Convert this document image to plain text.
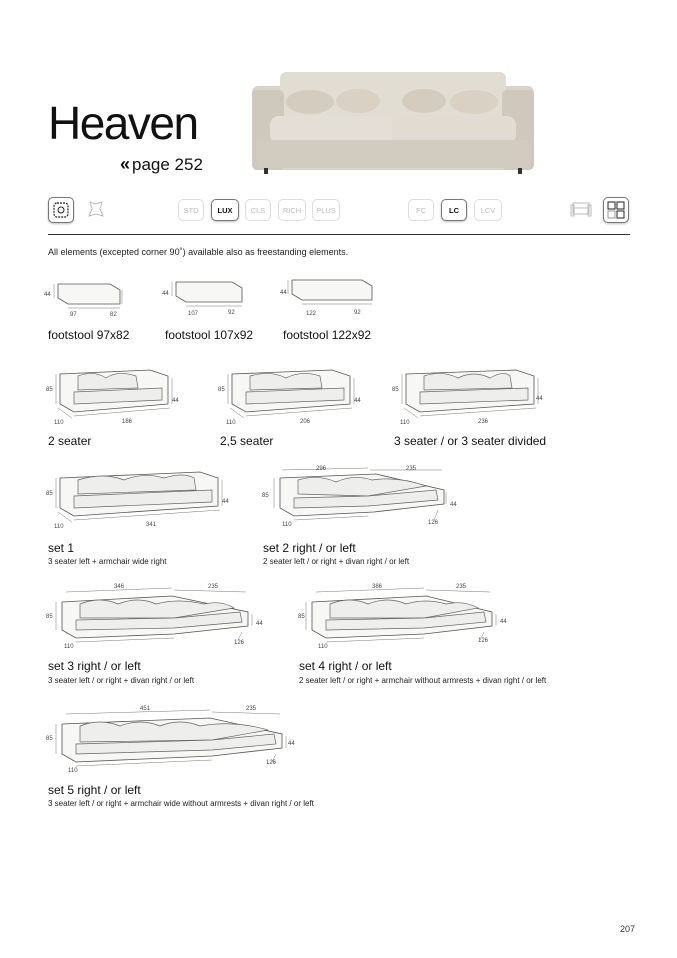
Heaven
« page 252
STD	LUX	CLS	RICH	PLUS	FC	LC	LCV
All elements (excepted corner 90˚) available also as freestanding elements.
44
97	82
44
107	92
44
122	92
footstool 97x82	footstool 107x92 footstool 122x92
85
44
110	186
85
44
110	206
85
44
110	236
2 seater	2,5 seater	3 seater / or 3 seater divided
85
44
110	341
set 1
3 seater left + armchair wide right
296	235
85
44
110	126
set 2 right / or left
2 seater left / or right + divan right / or left
346	235
85
44
110
126
set 3 right / or left
3 seater left / or right + divan right / or left
386	235
85
44
110
126
set 4 right / or left
2 seater left / or right + armchair without armrests + divan right / or left
451	235
85
44
110
126
set 5 right / or left
3 seater left / or right + armchair wide without armrests + divan right / or left
207
